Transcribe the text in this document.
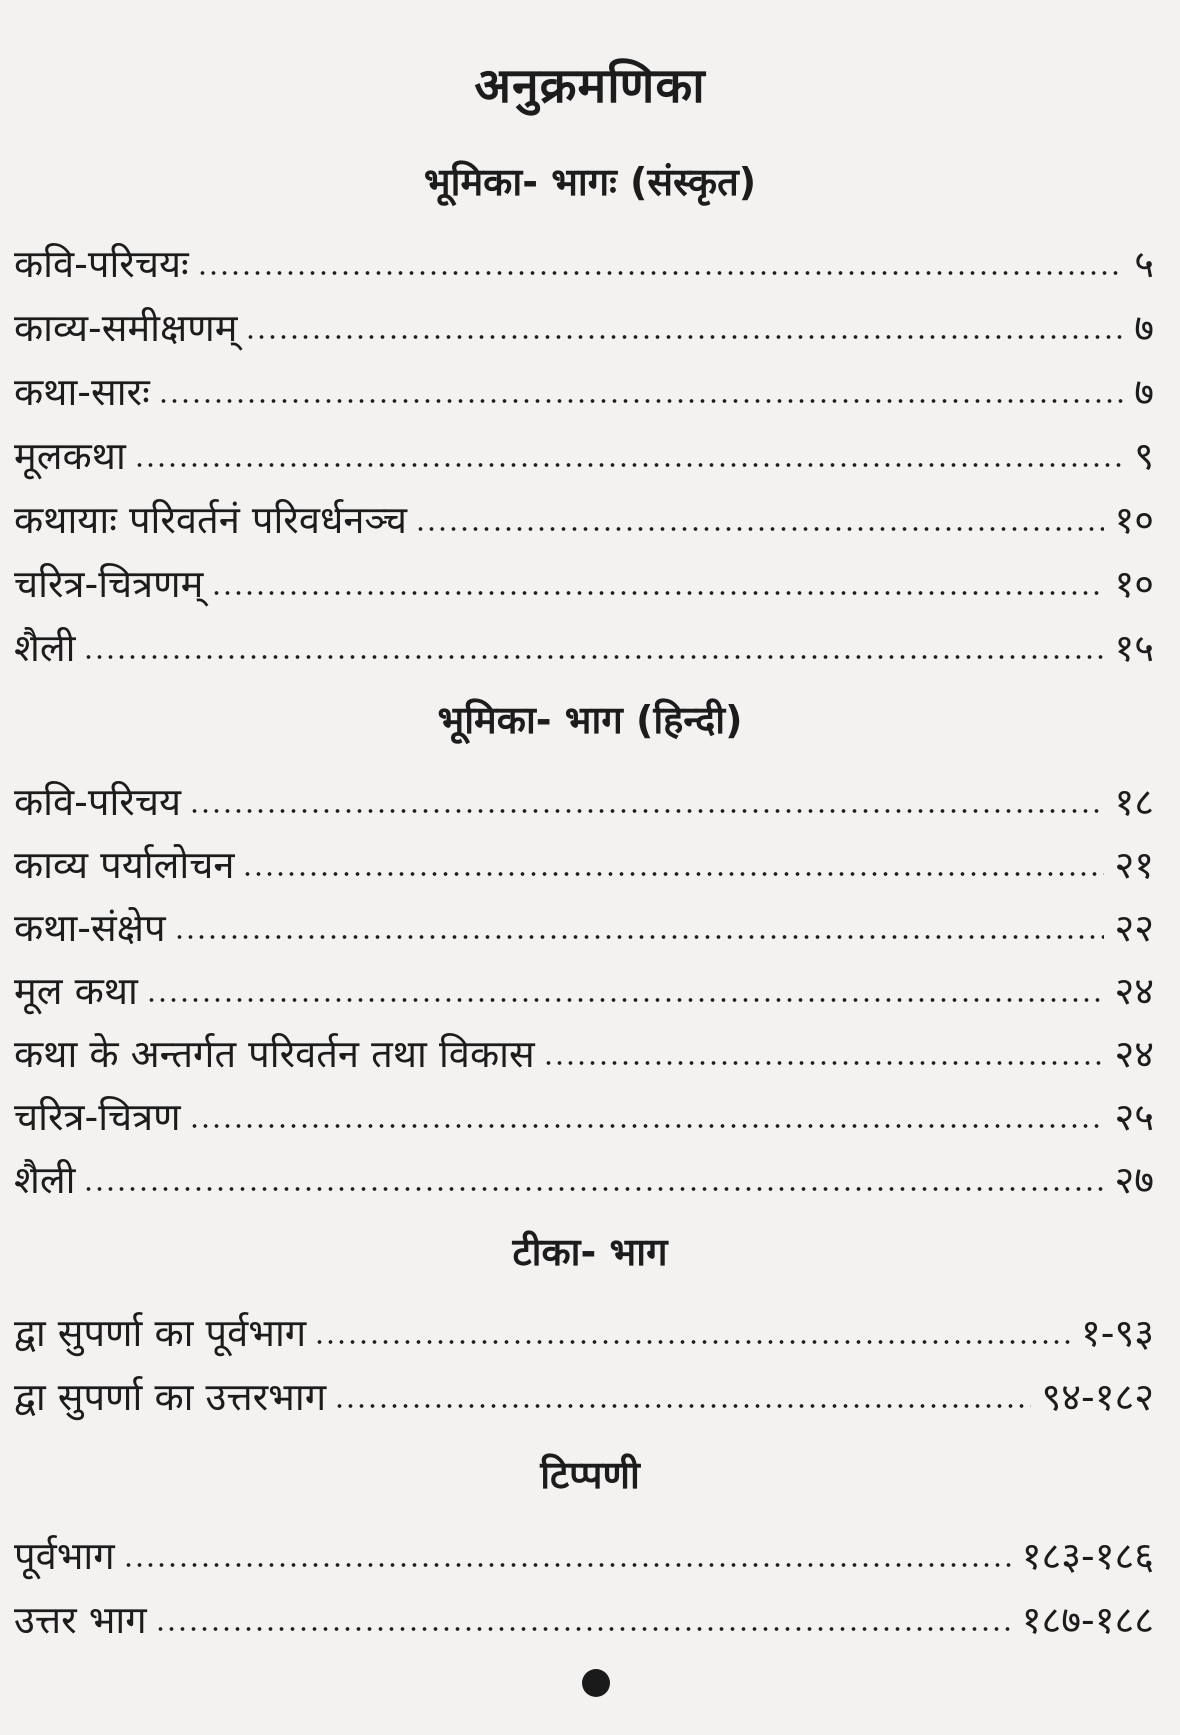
अनुक्रमणिका
भूमिका- भागः (संस्कृत)
कवि-परिचयः	५
काव्य-समीक्षणम्	७
कथा-सारः	७
मूलकथा	९
कथायाः परिवर्तनं परिवर्धनञ्च	१०
चरित्र-चित्रणम्	१०
शैली	१५
भूमिका- भाग (हिन्दी)
कवि-परिचय	१८
काव्य पर्यालोचन	२१
कथा-संक्षेप	२२
मूल कथा	२४
कथा के अन्तर्गत परिवर्तन तथा विकास	२४
चरित्र-चित्रण	२५
शैली	२७
टीका- भाग
द्वा सुपर्णा का पूर्वभाग	१-९३
द्वा सुपर्णा का उत्तरभाग	९४-१८२
टिप्पणी
पूर्वभाग	१८३-१८६
उत्तर भाग	१८७-१८८
